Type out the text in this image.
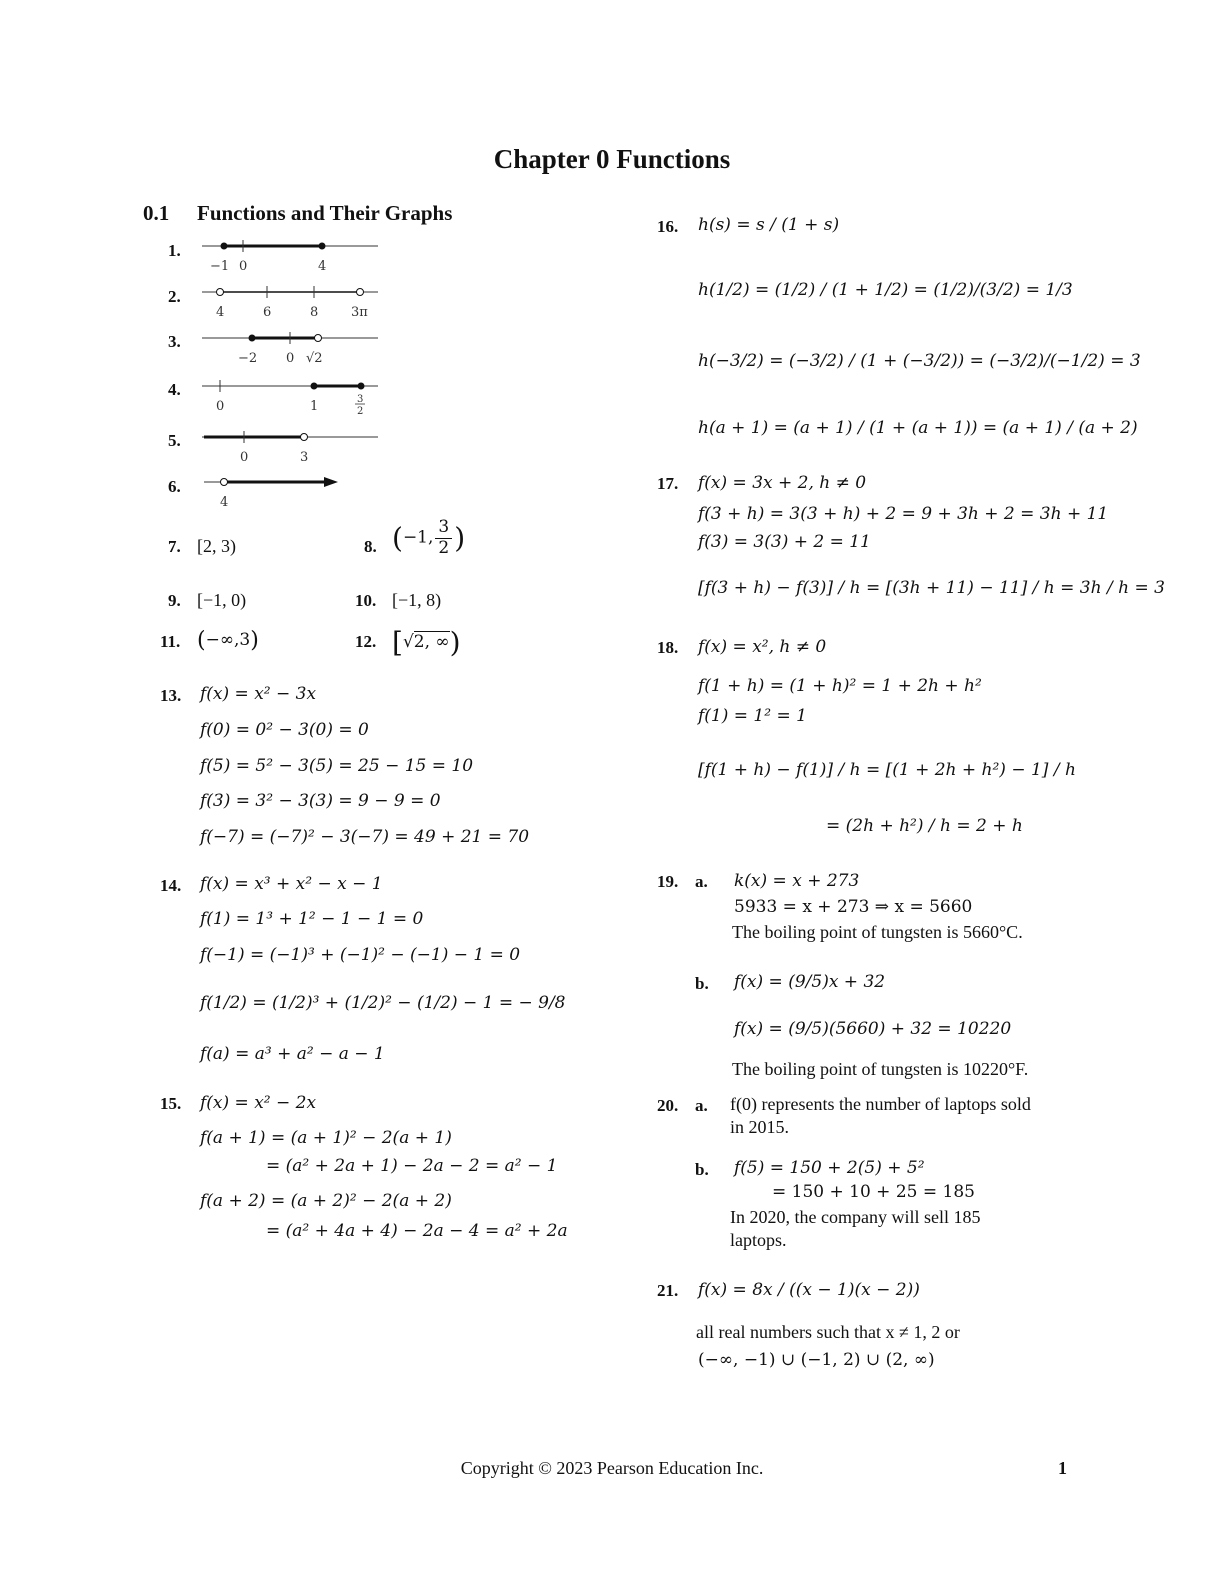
Chapter 0 Functions
0.1 Functions and Their Graphs
1.
−1 0	4
2.
4	6	8	3π
3.
−2 0 √2
4.
0	1	3
2
5.
0	3
6.
4
7. [2, 3)	8. (−1, $\frac{3}{2}$ )
9. [−1, 0)	10. [−1, 8)
11. (−∞,3)	12. [√2, ∞)
13. f(x) = x² − 3x
f(0) = 0² − 3(0) = 0
f(5) = 5² − 3(5) = 25 − 15 = 10
f(3) = 3² − 3(3) = 9 − 9 = 0
f(−7) = (−7)² − 3(−7) = 49 + 21 = 70
14. f(x) = x³ + x² − x − 1
f(1) = 1³ + 1² − 1 − 1 = 0
f(−1) = (−1)³ + (−1)² − (−1) − 1 = 0
f(1/2) = (1/2)³ + (1/2)² − (1/2) − 1 = − 9/8
f(a) = a³ + a² − a − 1
15. f(x) = x² − 2x
f(a + 1) = (a + 1)² − 2(a + 1)
= (a² + 2a + 1) − 2a − 2 = a² − 1
f(a + 2) = (a + 2)² − 2(a + 2)
= (a² + 4a + 4) − 2a − 4 = a² + 2a
16. h(s) = s / (1 + s)
h(1/2) = (1/2) / (1 + 1/2) = (1/2)/(3/2) = 1/3
h(−3/2) = (−3/2) / (1 + (−3/2)) = (−3/2)/(−1/2) = 3
h(a + 1) = (a + 1) / (1 + (a + 1)) = (a + 1) / (a + 2)
17. f(x) = 3x + 2, h ≠ 0
f(3 + h) = 3(3 + h) + 2 = 9 + 3h + 2 = 3h + 11
f(3) = 3(3) + 2 = 11
[f(3 + h) − f(3)] / h = [(3h + 11) − 11] / h = 3h / h = 3
18. f(x) = x², h ≠ 0
f(1 + h) = (1 + h)² = 1 + 2h + h²
f(1) = 1² = 1
[f(1 + h) − f(1)] / h = [(1 + 2h + h²) − 1] / h
= (2h + h²) / h = 2 + h
19. a. k(x) = x + 273
5933 = x + 273 ⇒ x = 5660
The boiling point of tungsten is 5660°C.
b. f(x) = (9/5)x + 32
f(x) = (9/5)(5660) + 32 = 10220
The boiling point of tungsten is 10220°F.
20. a. f(0) represents the number of laptops sold
in 2015.
b. f(5) = 150 + 2(5) + 5²
= 150 + 10 + 25 = 185
In 2020, the company will sell 185
laptops.
21. f(x) = 8x / ((x − 1)(x − 2))
all real numbers such that x ≠ 1, 2 or
(−∞, −1) ∪ (−1, 2) ∪ (2, ∞)
Copyright © 2023 Pearson Education Inc.	1
